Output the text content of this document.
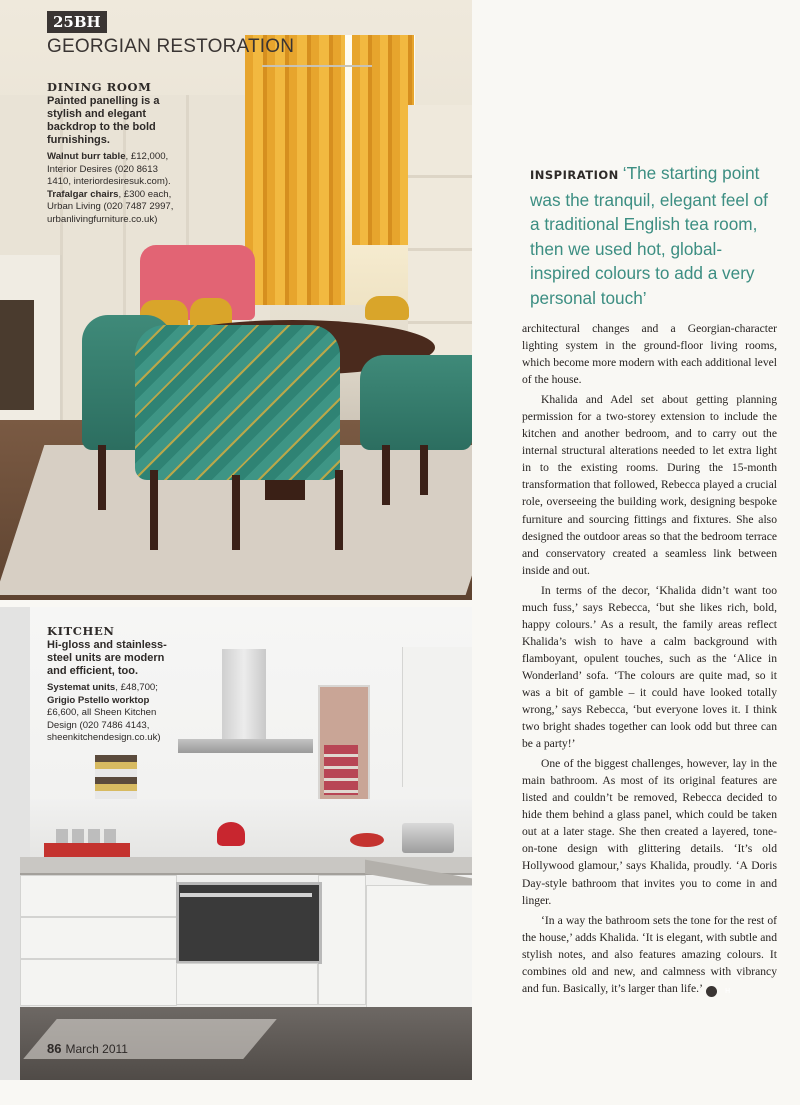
25BH
GEORGIAN RESTORATION
DINING ROOM
Painted panelling is a stylish and elegant backdrop to the bold furnishings.
Walnut burr table, £12,000, Interior Desires (020 8613 1410, interiordesiresuk.com). Trafalgar chairs, £300 each, Urban Living (020 7487 2997, urbanlivingfurniture.co.uk)
KITCHEN
Hi-gloss and stainless-steel units are modern and efficient, too.
Systemat units, £48,700;
Grigio Pstello worktop £6,600, all Sheen Kitchen Design (020 7486 4143, sheenkitchendesign.co.uk)
INSPIRATION ‘The starting point was the tranquil, elegant feel of a traditional English tea room, then we used hot, global-inspired colours to add a very personal touch’

architectural changes and a Georgian-character lighting system in the ground-floor living rooms, which become more modern with each additional level of the house.

Khalida and Adel set about getting planning permission for a two-storey extension to include the kitchen and another bedroom, and to carry out the internal structural alterations needed to let extra light in to the existing rooms. During the 15-month transformation that followed, Rebecca played a crucial role, overseeing the building work, designing bespoke furniture and sourcing fittings and fixtures. She also designed the outdoor areas so that the bedroom terrace and conservatory created a seamless link between inside and out.

In terms of the decor, ‘Khalida didn’t want too much fuss,’ says Rebecca, ‘but she likes rich, bold, happy colours.’ As a result, the family areas reflect Khalida’s wish to have a calm background with flamboyant, opulent touches, such as the ‘Alice in Wonderland’ sofa. ‘The colours are quite mad, so it was a bit of gamble – it could have looked totally wrong,’ says Rebecca, ‘but everyone loves it. I think two bright shades together can look odd but three can be a party!’

One of the biggest challenges, however, lay in the main bathroom. As most of its original features are listed and couldn’t be removed, Rebecca decided to hide them behind a glass panel, which could be taken out at a later stage. She then created a layered, tone-on-tone design with glittering details. ‘It’s old Hollywood glamour,’ says Khalida, proudly. ‘A Doris Day-style bathroom that invites you to come in and linger.

‘In a way the bathroom sets the tone for the rest of the house,’ adds Khalida. ‘It is elegant, with subtle and stylish notes, and also features amazing colours. It combines old and new, and calmness with vibrancy and fun. Basically, it’s larger than life.’	H

86 March 2011
